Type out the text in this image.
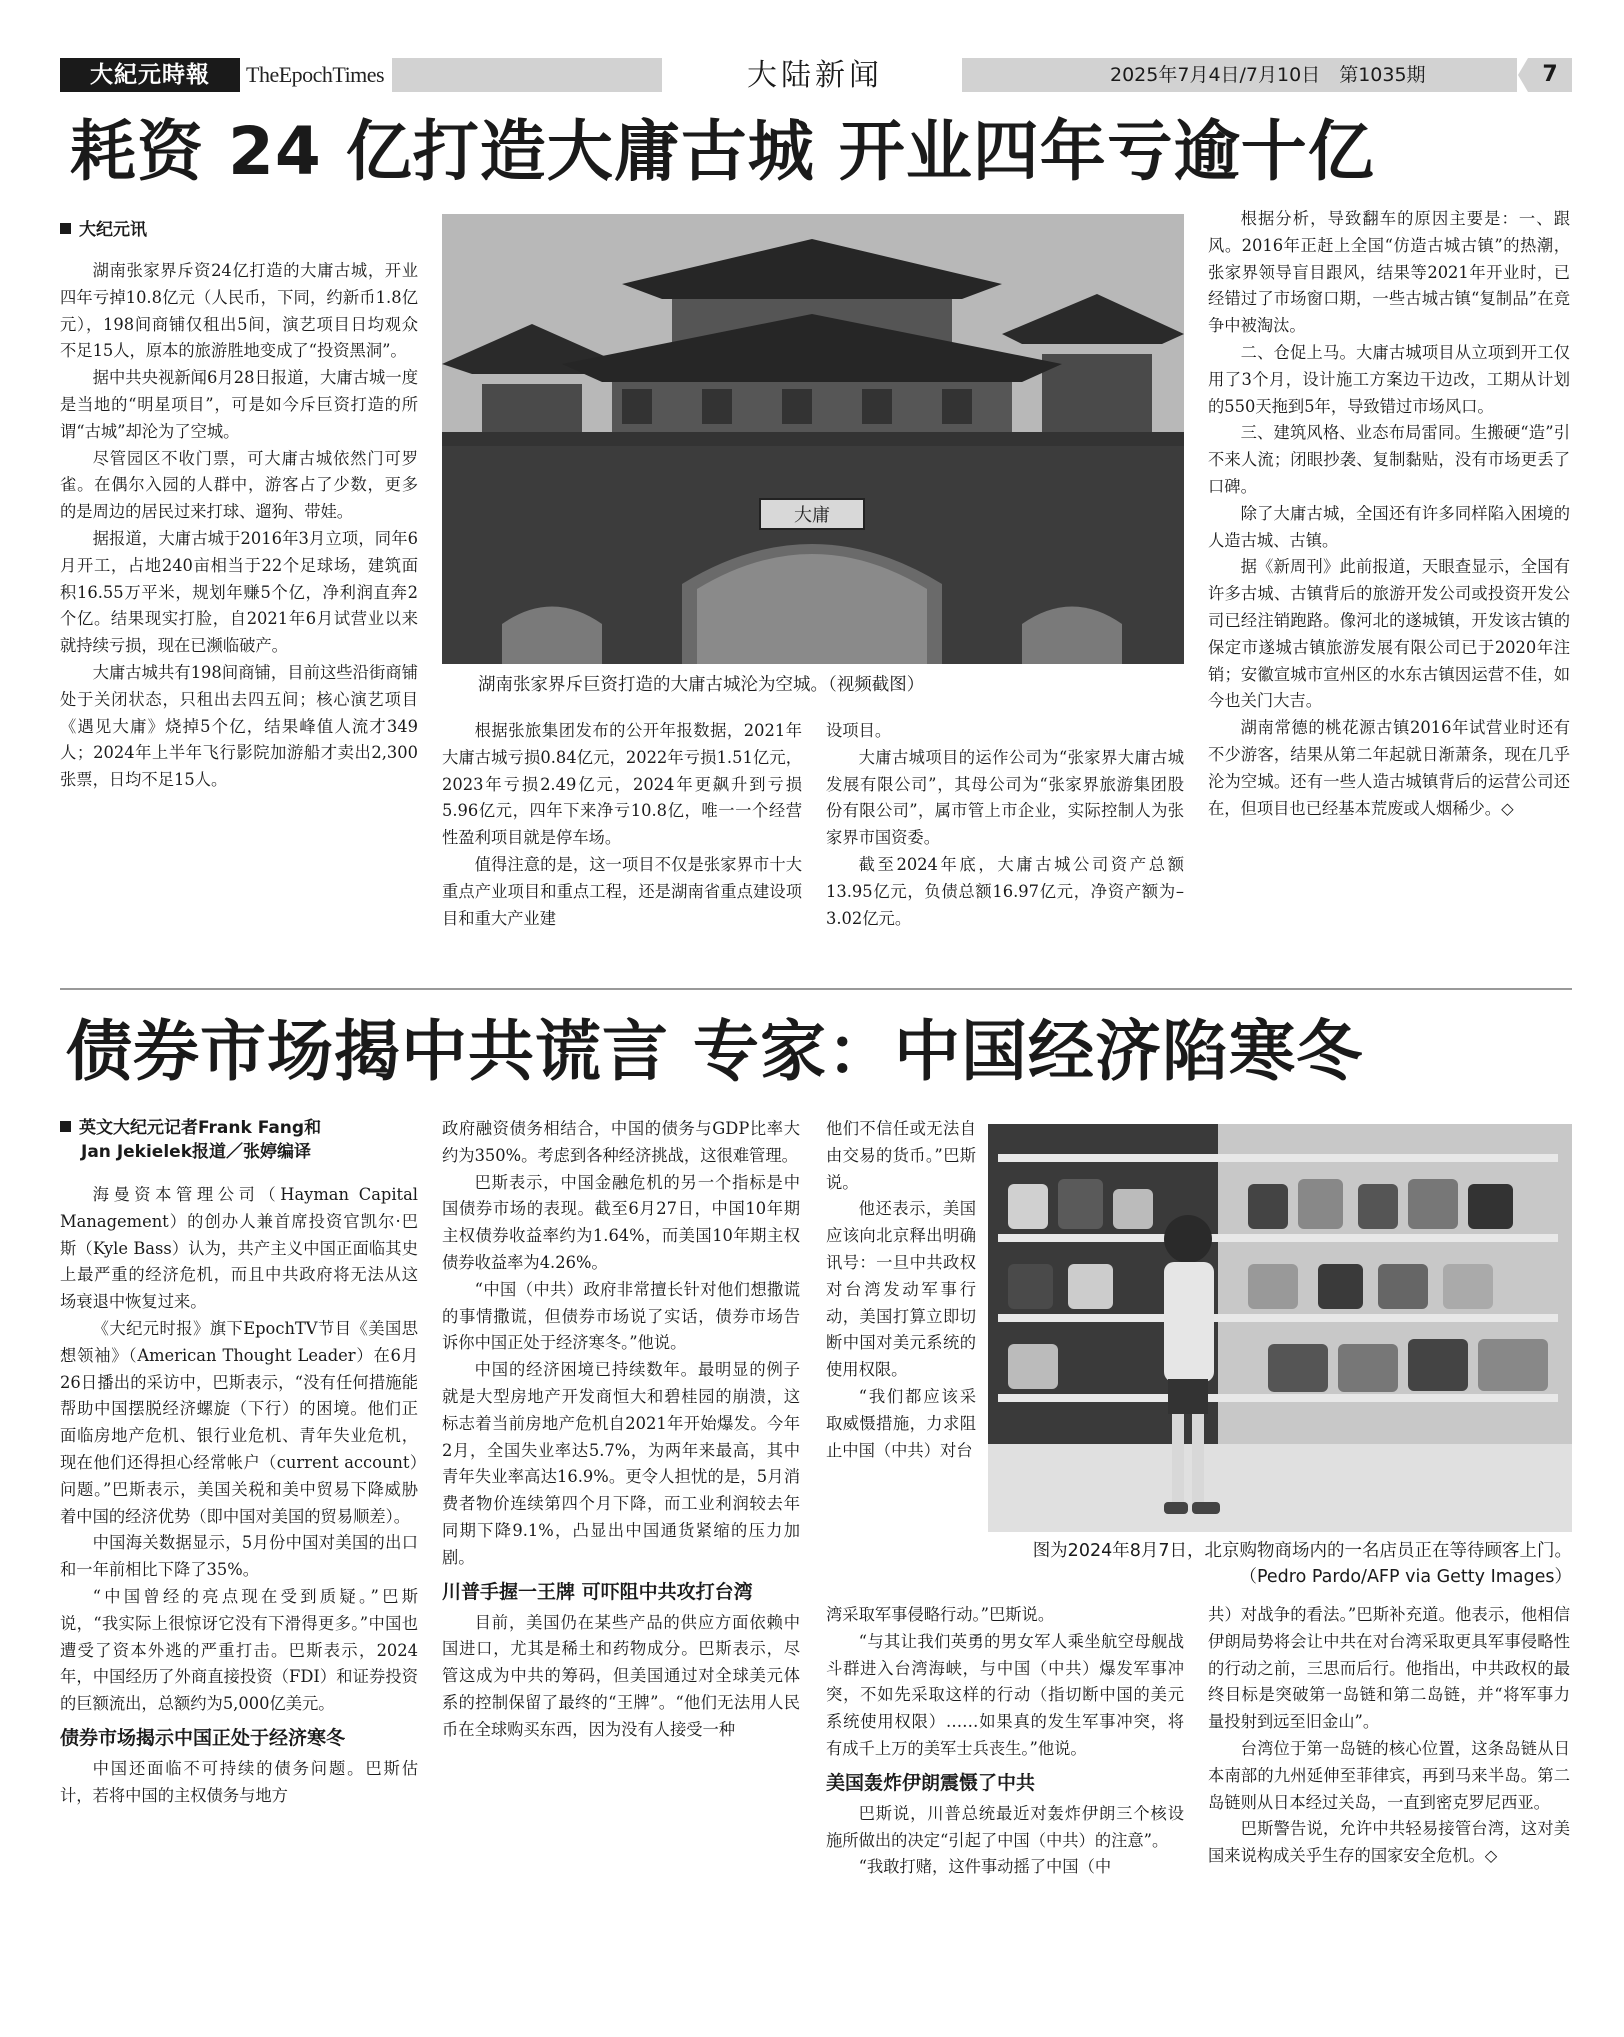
大紀元時報	TheEpochTimes	大陆新闻	2025年7月4日/7月10日　第1035期	7
耗资 24 亿打造大庸古城 开业四年亏逾十亿
大纪元讯

湖南张家界斥资24亿打造的大庸古城，开业四年亏掉10.8亿元（人民币，下同，约新币1.8亿元），198间商铺仅租出5间，演艺项目日均观众不足15人，原本的旅游胜地变成了“投资黑洞”。

据中共央视新闻6月28日报道，大庸古城一度是当地的“明星项目”，可是如今斥巨资打造的所谓“古城”却沦为了空城。

尽管园区不收门票，可大庸古城依然门可罗雀。在偶尔入园的人群中，游客占了少数，更多的是周边的居民过来打球、遛狗、带娃。

据报道，大庸古城于2016年3月立项，同年6月开工，占地240亩相当于22个足球场，建筑面积16.55万平米，规划年赚5个亿，净利润直奔2个亿。结果现实打脸，自2021年6月试营业以来就持续亏损，现在已濒临破产。

大庸古城共有198间商铺，目前这些沿街商铺处于关闭状态，只租出去四五间；核心演艺项目《遇见大庸》烧掉5个亿，结果峰值人流才349人；2024年上半年飞行影院加游船才卖出2,300张票，日均不足15人。

大庸
湖南张家界斥巨资打造的大庸古城沦为空城。（视频截图）

根据张旅集团发布的公开年报数据，2021年大庸古城亏损0.84亿元，2022年亏损1.51亿元，2023年亏损2.49亿元，2024年更飙升到亏损5.96亿元，四年下来净亏10.8亿，唯一一个经营性盈利项目就是停车场。

值得注意的是，这一项目不仅是张家界市十大重点产业项目和重点工程，还是湖南省重点建设项目和重大产业建

设项目。

大庸古城项目的运作公司为“张家界大庸古城发展有限公司”，其母公司为“张家界旅游集团股份有限公司”，属市管上市企业，实际控制人为张家界市国资委。

截至2024年底，大庸古城公司资产总额13.95亿元，负债总额16.97亿元，净资产额为–3.02亿元。

根据分析，导致翻车的原因主要是：一、跟风。2016年正赶上全国“仿造古城古镇”的热潮，张家界领导盲目跟风，结果等2021年开业时，已经错过了市场窗口期，一些古城古镇“复制品”在竞争中被淘汰。

二、仓促上马。大庸古城项目从立项到开工仅用了3个月，设计施工方案边干边改，工期从计划的550天拖到5年，导致错过市场风口。

三、建筑风格、业态布局雷同。生搬硬“造”引不来人流；闭眼抄袭、复制黏贴，没有市场更丢了口碑。

除了大庸古城，全国还有许多同样陷入困境的人造古城、古镇。

据《新周刊》此前报道，天眼查显示，全国有许多古城、古镇背后的旅游开发公司或投资开发公司已经注销跑路。像河北的遂城镇，开发该古镇的保定市遂城古镇旅游发展有限公司已于2020年注销；安徽宣城市宣州区的水东古镇因运营不佳，如今也关门大吉。

湖南常德的桃花源古镇2016年试营业时还有不少游客，结果从第二年起就日渐萧条，现在几乎沦为空城。还有一些人造古城镇背后的运营公司还在，但项目也已经基本荒废或人烟稀少。◇

债券市场揭中共谎言 专家：中国经济陷寒冬
英文大纪元记者Frank Fang和
Jan Jekielek报道／张婷编译

海曼资本管理公司（Hayman Capital Management）的创办人兼首席投资官凯尔·巴斯（Kyle Bass）认为，共产主义中国正面临其史上最严重的经济危机，而且中共政府将无法从这场衰退中恢复过来。

《大纪元时报》旗下EpochTV节目《美国思想领袖》（American Thought Leader）在6月26日播出的采访中，巴斯表示，“没有任何措施能帮助中国摆脱经济螺旋（下行）的困境。他们正面临房地产危机、银行业危机、青年失业危机，现在他们还得担心经常帐户（current account）问题。”巴斯表示，美国关税和美中贸易下降威胁着中国的经济优势（即中国对美国的贸易顺差）。

中国海关数据显示，5月份中国对美国的出口和一年前相比下降了35%。

“中国曾经的亮点现在受到质疑。”巴斯说，“我实际上很惊讶它没有下滑得更多。”中国也遭受了资本外逃的严重打击。巴斯表示，2024年，中国经历了外商直接投资（FDI）和证券投资的巨额流出，总额约为5,000亿美元。

债券市场揭示中国正处于经济寒冬

中国还面临不可持续的债务问题。巴斯估计，若将中国的主权债务与地方

政府融资债务相结合，中国的债务与GDP比率大约为350%。考虑到各种经济挑战，这很难管理。

巴斯表示，中国金融危机的另一个指标是中国债券市场的表现。截至6月27日，中国10年期主权债券收益率约为1.64%，而美国10年期主权债券收益率为4.26%。

“中国（中共）政府非常擅长针对他们想撒谎的事情撒谎，但债券市场说了实话，债券市场告诉你中国正处于经济寒冬。”他说。

中国的经济困境已持续数年。最明显的例子就是大型房地产开发商恒大和碧桂园的崩溃，这标志着当前房地产危机自2021年开始爆发。今年2月，全国失业率达5.7%，为两年来最高，其中青年失业率高达16.9%。更令人担忧的是，5月消费者物价连续第四个月下降，而工业利润较去年同期下降9.1%，凸显出中国通货紧缩的压力加剧。

川普手握一王牌 可吓阻中共攻打台湾

目前，美国仍在某些产品的供应方面依赖中国进口，尤其是稀土和药物成分。巴斯表示，尽管这成为中共的筹码，但美国通过对全球美元体系的控制保留了最终的“王牌”。“他们无法用人民币在全球购买东西，因为没有人接受一种

他们不信任或无法自由交易的货币。”巴斯说。

他还表示，美国应该向北京释出明确讯号：一旦中共政权对台湾发动军事行动，美国打算立即切断中国对美元系统的使用权限。

“我们都应该采取威慑措施，力求阻止中国（中共）对台

图为2024年8月7日，北京购物商场内的一名店员正在等待顾客上门。（Pedro Pardo/AFP via Getty Images）

湾采取军事侵略行动。”巴斯说。

“与其让我们英勇的男女军人乘坐航空母舰战斗群进入台湾海峡，与中国（中共）爆发军事冲突，不如先采取这样的行动（指切断中国的美元系统使用权限）……如果真的发生军事冲突，将有成千上万的美军士兵丧生。”他说。

美国轰炸伊朗震慑了中共

巴斯说，川普总统最近对轰炸伊朗三个核设施所做出的决定“引起了中国（中共）的注意”。

“我敢打赌，这件事动摇了中国（中

共）对战争的看法。”巴斯补充道。他表示，他相信伊朗局势将会让中共在对台湾采取更具军事侵略性的行动之前，三思而后行。他指出，中共政权的最终目标是突破第一岛链和第二岛链，并“将军事力量投射到远至旧金山”。

台湾位于第一岛链的核心位置，这条岛链从日本南部的九州延伸至菲律宾，再到马来半岛。第二岛链则从日本经过关岛，一直到密克罗尼西亚。

巴斯警告说，允许中共轻易接管台湾，这对美国来说构成关乎生存的国家安全危机。◇
